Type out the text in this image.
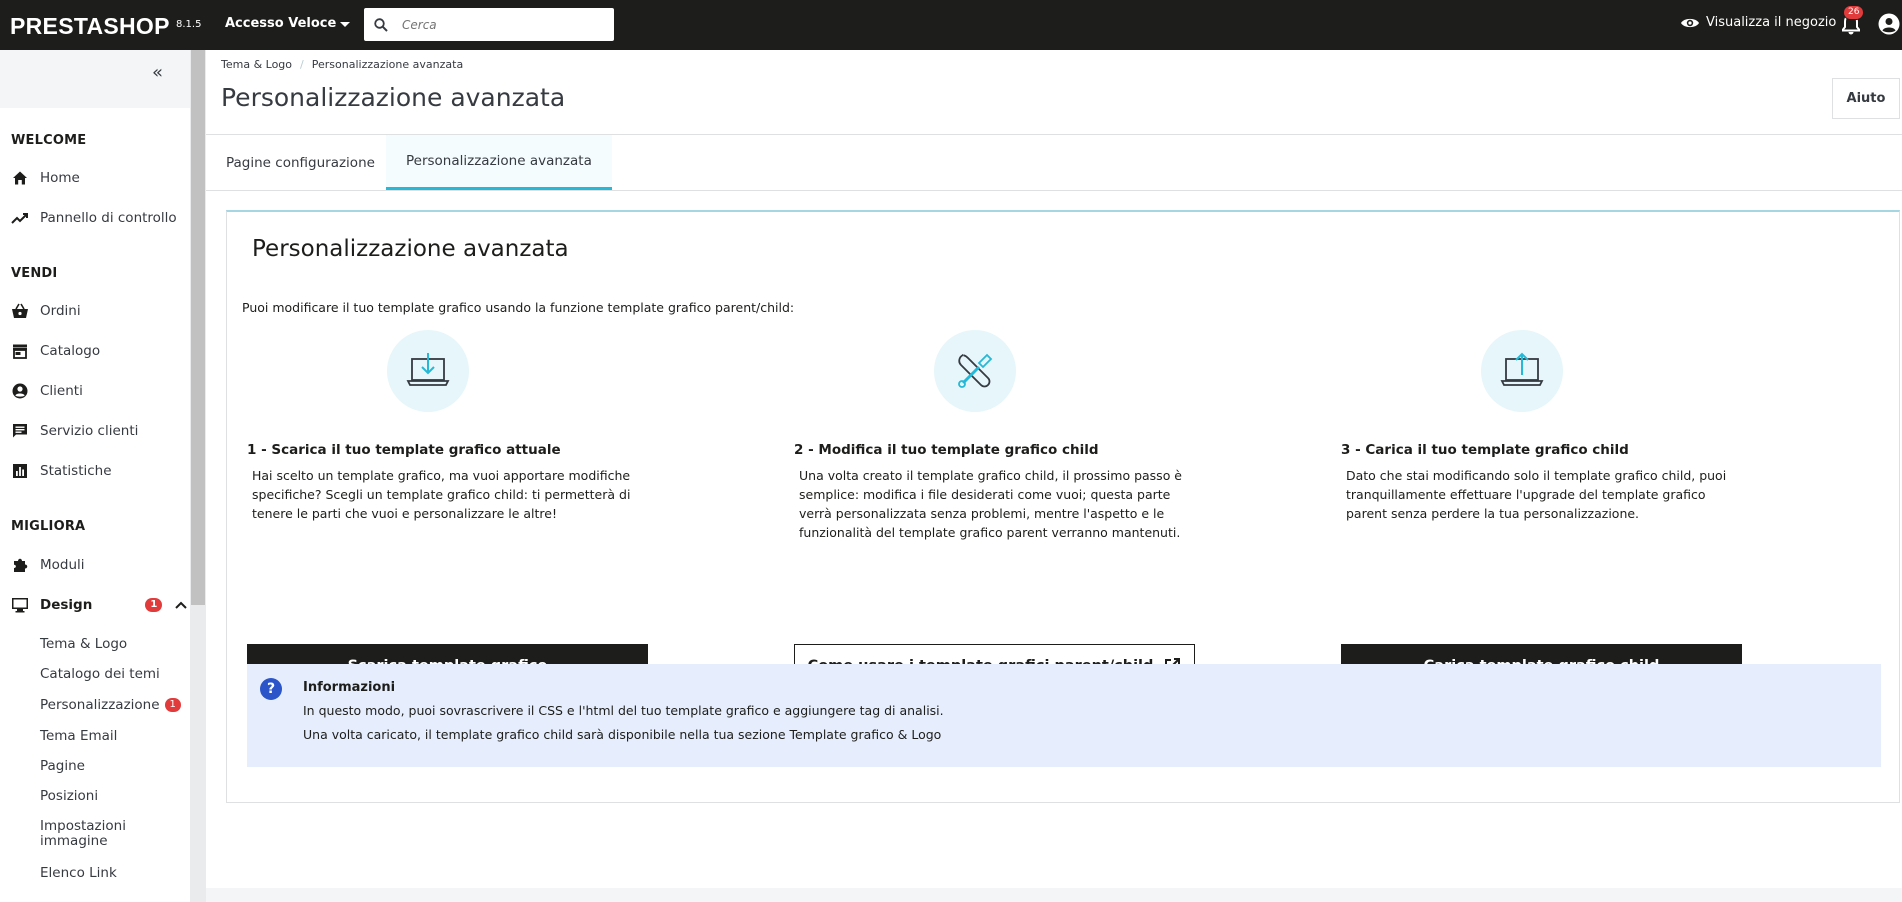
PRESTASHOP 8.1.5 Accesso Veloce
Cerca	Visualizza il negozio
26
«
WELCOME
Home
Pannello di controllo
VENDI
Ordini
Catalogo
Clienti
Servizio clienti
Statistiche
MIGLIORA
Moduli
Design	1
Tema & Logo
Catalogo dei temi
Personalizzazione	1
Tema Email
Pagine
Posizioni
Impostazioni
immagine
Elenco Link
Tema & Logo / Personalizzazione avanzata
Personalizzazione avanzata	Aiuto
Pagine configurazione	Personalizzazione avanzata
Personalizzazione avanzata
Puoi modificare il tuo template grafico usando la funzione template grafico parent/child:
1 - Scarica il tuo template grafico attuale
Hai scelto un template grafico, ma vuoi apportare modifiche specifiche? Scegli un template grafico child: ti permetterà di tenere le parti che vuoi e personalizzare le altre!
2 - Modifica il tuo template grafico child
Una volta creato il template grafico child, il prossimo passo è semplice: modifica i file desiderati come vuoi; questa parte verrà personalizzata senza problemi, mentre l'aspetto e le funzionalità del template grafico parent verranno mantenuti.
3 - Carica il tuo template grafico child
Dato che stai modificando solo il template grafico child, puoi tranquillamente effettuare l'upgrade del template grafico parent senza perdere la tua personalizzazione.
?	Informazioni
In questo modo, puoi sovrascrivere il CSS e l'html del tuo template grafico e aggiungere tag di analisi.
Una volta caricato, il template grafico child sarà disponibile nella tua sezione Template grafico & Logo
